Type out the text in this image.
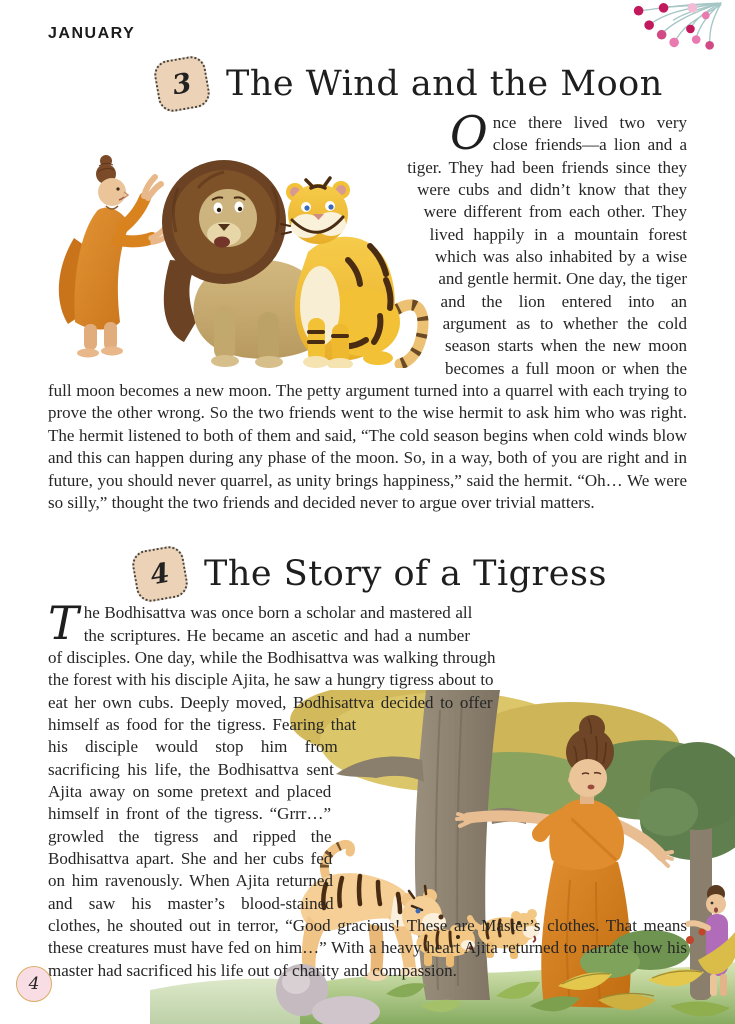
JANUARY
3 The Wind and the Moon

Once there lived two very close friends—a lion and a tiger. They had been friends since they were cubs and didn’t know that they were different from each other. They lived happily in a mountain forest which was also inhabited by a wise and gentle hermit. One day, the tiger and the lion entered into an argument as to whether the cold season starts when the new moon becomes a full moon or when the full moon becomes a new moon. The petty argument turned into a quarrel with each trying to prove the other wrong. So the two friends went to the wise hermit to ask him who was right. The hermit listened to both of them and said, “The cold season begins when cold winds blow and this can happen during any phase of the moon. So, in a way, both of you are right and in future, you should never quarrel, as unity brings happiness,” said the hermit. “Oh… We were so silly,” thought the two friends and decided never to argue over trivial matters.

4 The Story of a Tigress

The Bodhisattva was once born a scholar and mastered all the scriptures. He became an ascetic and had a number of disciples. One day, while the Bodhisattva was walking through the forest with his disciple Ajita, he saw a hungry tigress about to eat her own cubs. Deeply moved, Bodhisattva decided to offer himself as food for the tigress. Fearing that his disciple would stop him from sacrificing his life, the Bodhisattva sent Ajita away on some pretext and placed himself in front of the tigress. “Grrr…” growled the tigress and ripped the Bodhisattva apart. She and her cubs fed on him ravenously. When Ajita returned and saw his master’s blood-stained clothes, he shouted out in terror, “Good gracious! These are Master’s clothes. That means these creatures must have fed on him…” With a heavy heart Ajita returned to narrate how his master had sacrificed his life out of charity and compassion.

4
